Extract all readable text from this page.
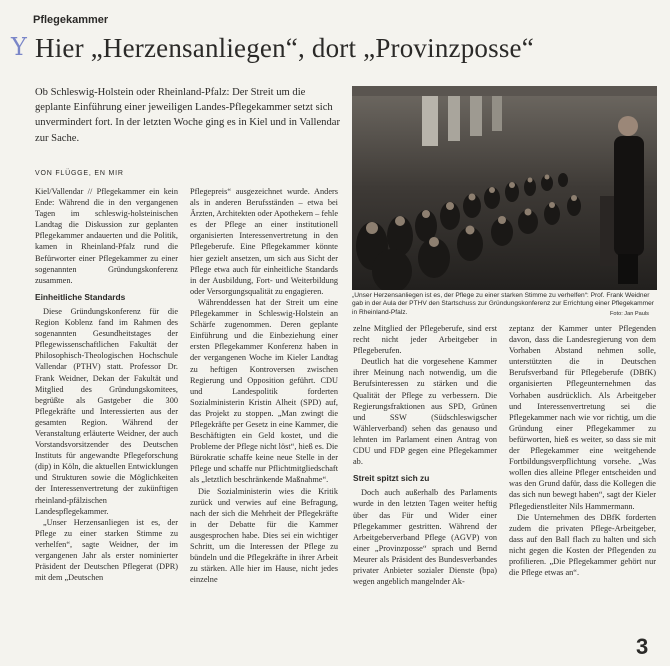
Pflegekammer
Y Hier „Herzensanliegen“, dort „Provinzposse“
Ob Schleswig-Holstein oder Rheinland-Pfalz: Der Streit um die geplante Einführung einer jeweiligen Landes-Pflegekammer setzt sich unvermindert fort. In der letzten Woche ging es in Kiel und in Vallendar zur Sache.
VON FLÜGGE, EN MIR

Kiel/Vallendar // Pflegekammer ein kein Ende: Während die in den vergangenen Tagen im schleswig-holsteinischen Landtag die Diskussion zur geplanten Pflegekammer andauerten und die Politik, kamen in Rheinland-Pfalz rund die Befürworter einer Pflegekammer zu einer sogenannten Gründungskonferenz zusammen.

Einheitliche Standards

Diese Gründungskonferenz für die Region Koblenz fand im Rahmen des sogenannten Gesundheitstages der Pflegewissenschaftlichen Fakultät der Philosophisch-Theologischen Hochschule Vallendar (PTHV) statt. Professor Dr. Frank Weidner, Dekan der Fakultät und Mitglied des Gründungskomitees, begrüßte als Gastgeber die 300 Pflegekräfte und Interessierten aus der gesamten Region. Während der Veranstaltung erläuterte Weidner, der auch Vorstandsvorsitzender des Deutschen Instituts für angewandte Pflegeforschung (dip) in Köln, die aktuellen Entwicklungen und Strukturen sowie die Möglichkeiten der Interessenvertretung der zukünftigen rheinland-pfälzischen Landespflegekammer.

„Unser Herzensanliegen ist es, der Pflege zu einer starken Stimme zu verhelfen“, sagte Weidner, der im vergangenen Jahr als erster nominierter Präsident der Deutschen Pflegerat (DPR) mit dem „Deutschen

Pflegepreis“ ausgezeichnet wurde. Anders als in anderen Berufsständen – etwa bei Ärzten, Architekten oder Apothekern – fehle es der Pflege an einer institutionell organisierten Interessenvertretung in den Pflegeberufe. Eine Pflegekammer könnte hier gezielt ansetzen, um sich aus Sicht der Pflege etwa auch für einheitliche Standards in der Ausbildung, Fort- und Weiterbildung oder Versorgungsqualität zu engagieren.

Währenddessen hat der Streit um eine Pflegekammer in Schleswig-Holstein an Schärfe zugenommen. Deren geplante Einführung und die Einbeziehung einer ersten Pflegekammer Konferenz haben in der vergangenen Woche im Kieler Landtag zu heftigen Kontroversen zwischen Regierung und Opposition geführt. CDU und Landespolitik forderten Sozialministerin Kristin Alheit (SPD) auf, das Projekt zu stoppen. „Man zwingt die Pflegekräfte per Gesetz in eine Kammer, die Beschäftigten ein Geld kostet, und die Probleme der Pflege nicht löst“, hieß es. Die Bürokratie schaffe keine neue Stelle in der Pflege und schaffe nur Pflichtmitgliedschaft als „letztlich beschränkende Maßnahme“.

Die Sozialministerin wies die Kritik zurück und verwies auf eine Befragung, nach der sich die Mehrheit der Pflegekräfte in der Debatte für die Kammer ausgesprochen habe. Dies sei ein wichtiger Schritt, um die Interessen der Pflege zu bündeln und die Pflegekräfte in ihrer Arbeit zu stärken. Alle hier im Hause, nicht jedes einzelne

„Unser Herzensanliegen ist es, der Pflege zu einer starken Stimme zu verhelfen“: Prof. Frank Weidner gab in der Aula der PTHV den Startschuss zur Gründungskonferenz zur Errichtung einer Pflegekammer in Rheinland-Pfalz.	Foto: Jan Pauls

zelne Mitglied der Pflegeberufe, sind erst recht nicht jeder Arbeitgeber in Pflegeberufen.

Deutlich hat die vorgesehene Kammer ihrer Meinung nach notwendig, um die Berufsinteressen zu stärken und die Qualität der Pflege zu verbessern. Die Regierungsfraktionen aus SPD, Grünen und SSW (Südschleswigscher Wählerverband) sehen das genauso und lehnten im Parlament einen Antrag von CDU und FDP gegen eine Pflegekammer ab.

Streit spitzt sich zu

Doch auch außerhalb des Parlaments wurde in den letzten Tagen weiter heftig über das Für und Wider einer Pflegekammer gestritten. Während der Arbeitgeberverband Pflege (AGVP) von einer „Provinzposse“ sprach und Bernd Meurer als Präsident des Bundesverbandes privater Anbieter sozialer Dienste (bpa) wegen angeblich mangelnder Ak-

zeptanz der Kammer unter Pflegenden davon, dass die Landesregierung von dem Vorhaben Abstand nehmen solle, unterstützten die in Deutschen Berufsverband für Pflegeberufe (DBfK) organisierten Pflegeunternehmen das Vorhaben ausdrücklich. Als Arbeitgeber und Interessenvertretung sei die Pflegekammer nach wie vor richtig, um die Gründung einer Pflegekammer zu befürworten, hieß es weiter, so dass sie mit der Pflegekammer eine weitgehende Fortbildungsverpflichtung vorsehe. „Was wollen dies alleine Pfleger entscheiden und was den Grund dafür, dass die Kollegen die das sich nun bewegt haben“, sagt der Kieler Pflegedienstleiter Nils Hammermann.

Die Unternehmen des DBfK forderten zudem die privaten Pflege-Arbeitgeber, dass auf den Ball flach zu halten und sich nicht gegen die Kosten der Pflegenden zu profilieren. „Die Pflegekammer gehört nur die Pflege etwas an“.

3
